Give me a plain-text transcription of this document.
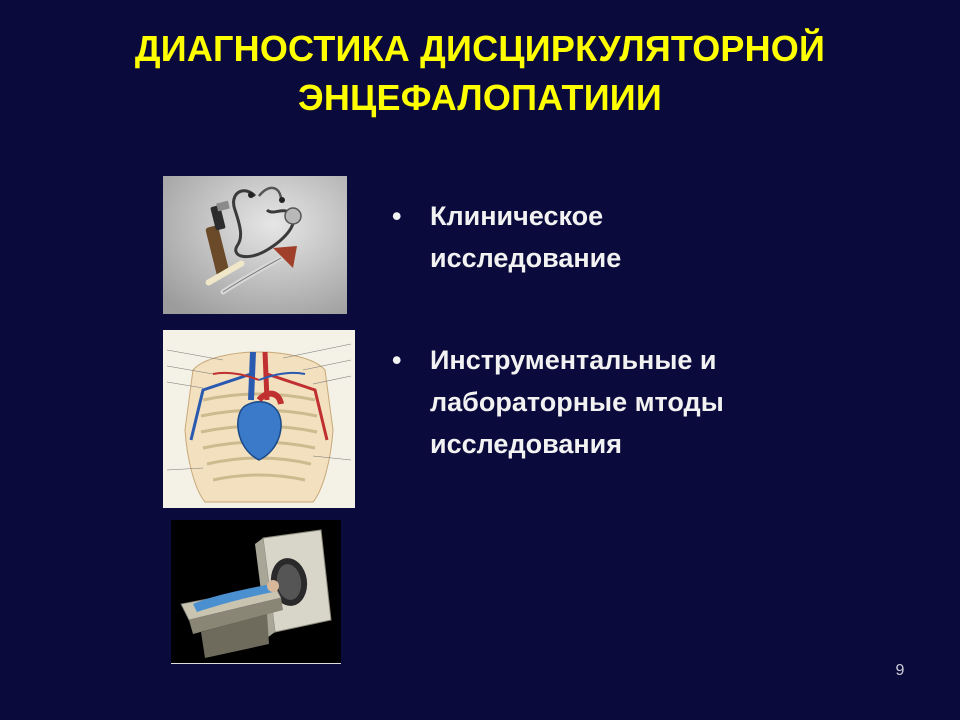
ДИАГНОСТИКА ДИСЦИРКУЛЯТОРНОЙ
ЭНЦЕФАЛОПАТИИИ
• Клиническое
исследование
• Инструментальные и
лабораторные мтоды
исследования
9
